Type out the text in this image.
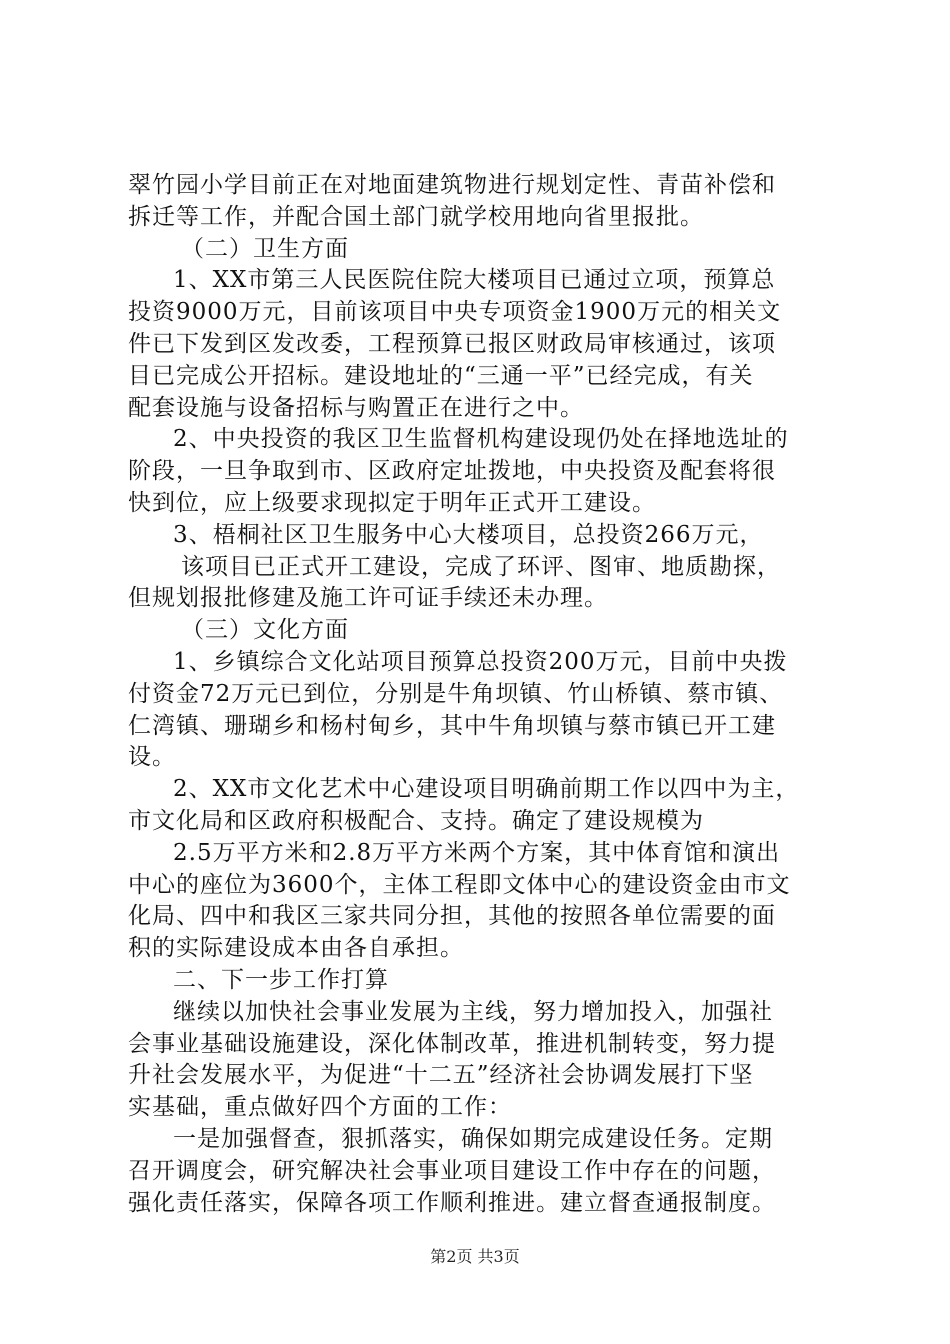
翠竹园小学目前正在对地面建筑物进行规划定性、青苗补偿和
拆迁等工作，并配合国土部门就学校用地向省里报批。
（二）卫生方面
1、XX市第三人民医院住院大楼项目已通过立项，预算总
投资9000万元，目前该项目中央专项资金1900万元的相关文
件已下发到区发改委，工程预算已报区财政局审核通过，该项
目已完成公开招标。建设地址的“三通一平”已经完成，有关
配套设施与设备招标与购置正在进行之中。
2、中央投资的我区卫生监督机构建设现仍处在择地选址的
阶段，一旦争取到市、区政府定址拨地，中央投资及配套将很
快到位，应上级要求现拟定于明年正式开工建设。
3、梧桐社区卫生服务中心大楼项目，总投资266万元，
该项目已正式开工建设，完成了环评、图审、地质勘探，
但规划报批修建及施工许可证手续还未办理。
（三）文化方面
1、乡镇综合文化站项目预算总投资200万元，目前中央拨
付资金72万元已到位，分别是牛角坝镇、竹山桥镇、蔡市镇、
仁湾镇、珊瑚乡和杨村甸乡，其中牛角坝镇与蔡市镇已开工建
设。
2、XX市文化艺术中心建设项目明确前期工作以四中为主，
市文化局和区政府积极配合、支持。确定了建设规模为
2.5万平方米和2.8万平方米两个方案，其中体育馆和演出
中心的座位为3600个，主体工程即文体中心的建设资金由市文
化局、四中和我区三家共同分担，其他的按照各单位需要的面
积的实际建设成本由各自承担。
二、下一步工作打算
继续以加快社会事业发展为主线，努力增加投入，加强社
会事业基础设施建设，深化体制改革，推进机制转变，努力提
升社会发展水平，为促进“十二五”经济社会协调发展打下坚
实基础，重点做好四个方面的工作：
一是加强督查，狠抓落实，确保如期完成建设任务。定期
召开调度会，研究解决社会事业项目建设工作中存在的问题，
强化责任落实，保障各项工作顺利推进。建立督查通报制度。
第2页 共3页
